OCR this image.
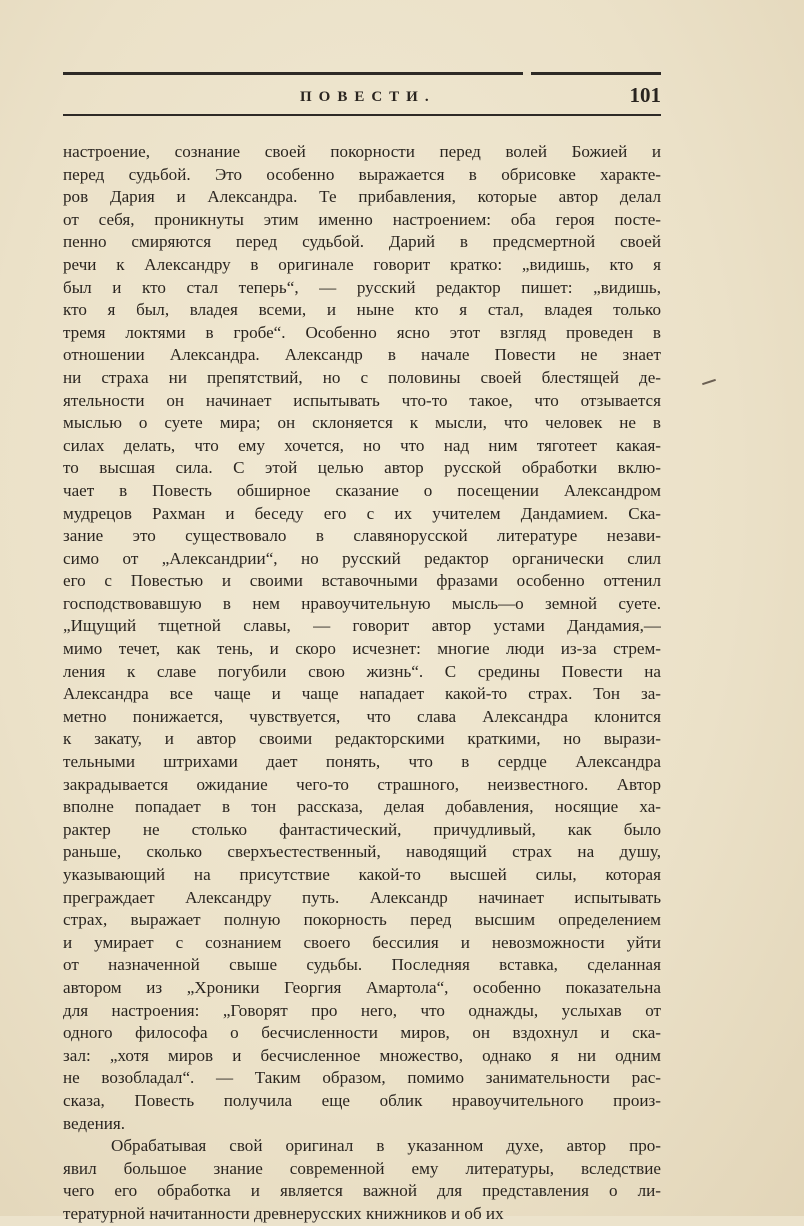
ПОВЕСТИ.	101
настроение, сознание своей покорности перед волей Божией и
перед судьбой. Это особенно выражается в обрисовке характе-
ров Дария и Александра. Те прибавления, которые автор делал
от себя, проникнуты этим именно настроением: оба героя посте-
пенно смиряются перед судьбой. Дарий в предсмертной своей
речи к Александру в оригинале говорит кратко: „видишь, кто я
был и кто стал теперь“, — русский редактор пишет: „видишь,
кто я был, владея всеми, и ныне кто я стал, владея только
тремя локтями в гробе“. Особенно ясно этот взгляд проведен в
отношении Александра. Александр в начале Повести не знает
ни страха ни препятствий, но с половины своей блестящей де-
ятельности он начинает испытывать что-то такое, что отзывается
мыслью о суете мира; он склоняется к мысли, что человек не в
силах делать, что ему хочется, но что над ним тяготеет какая-
то высшая сила. С этой целью автор русской обработки вклю-
чает в Повесть обширное сказание о посещении Александром
мудрецов Рахман и беседу его с их учителем Дандамием. Ска-
зание это существовало в славянорусской литературе незави-
симо от „Александрии“, но русский редактор органически слил
его с Повестью и своими вставочными фразами особенно оттенил
господствовавшую в нем нравоучительную мысль—о земной суете.
„Ищущий тщетной славы, — говорит автор устами Дандамия,—
мимо течет, как тень, и скоро исчезнет: многие люди из-за стрем-
ления к славе погубили свою жизнь“. С средины Повести на
Александра все чаще и чаще нападает какой-то страх. Тон за-
метно понижается, чувствуется, что слава Александра клонится
к закату, и автор своими редакторскими краткими, но вырази-
тельными штрихами дает понять, что в сердце Александра
закрадывается ожидание чего-то страшного, неизвестного. Автор
вполне попадает в тон рассказа, делая добавления, носящие ха-
рактер не столько фантастический, причудливый, как было
раньше, сколько сверхъестественный, наводящий страх на душу,
указывающий на присутствие какой-то высшей силы, которая
преграждает Александру путь. Александр начинает испытывать
страх, выражает полную покорность перед высшим определением
и умирает с сознанием своего бессилия и невозможности уйти
от назначенной свыше судьбы. Последняя вставка, сделанная
автором из „Хроники Георгия Амартола“, особенно показательна
для настроения: „Говорят про него, что однажды, услыхав от
одного философа о бесчисленности миров, он вздохнул и ска-
зал: „хотя миров и бесчисленное множество, однако я ни одним
не возобладал“. — Таким образом, помимо занимательности рас-
сказа, Повесть получила еще облик нравоучительного произ-
ведения.
Обрабатывая свой оригинал в указанном духе, автор про-
явил большое знание современной ему литературы, вследствие
чего его обработка и является важной для представления о ли-
тературной начитанности древнерусских книжников и об их
